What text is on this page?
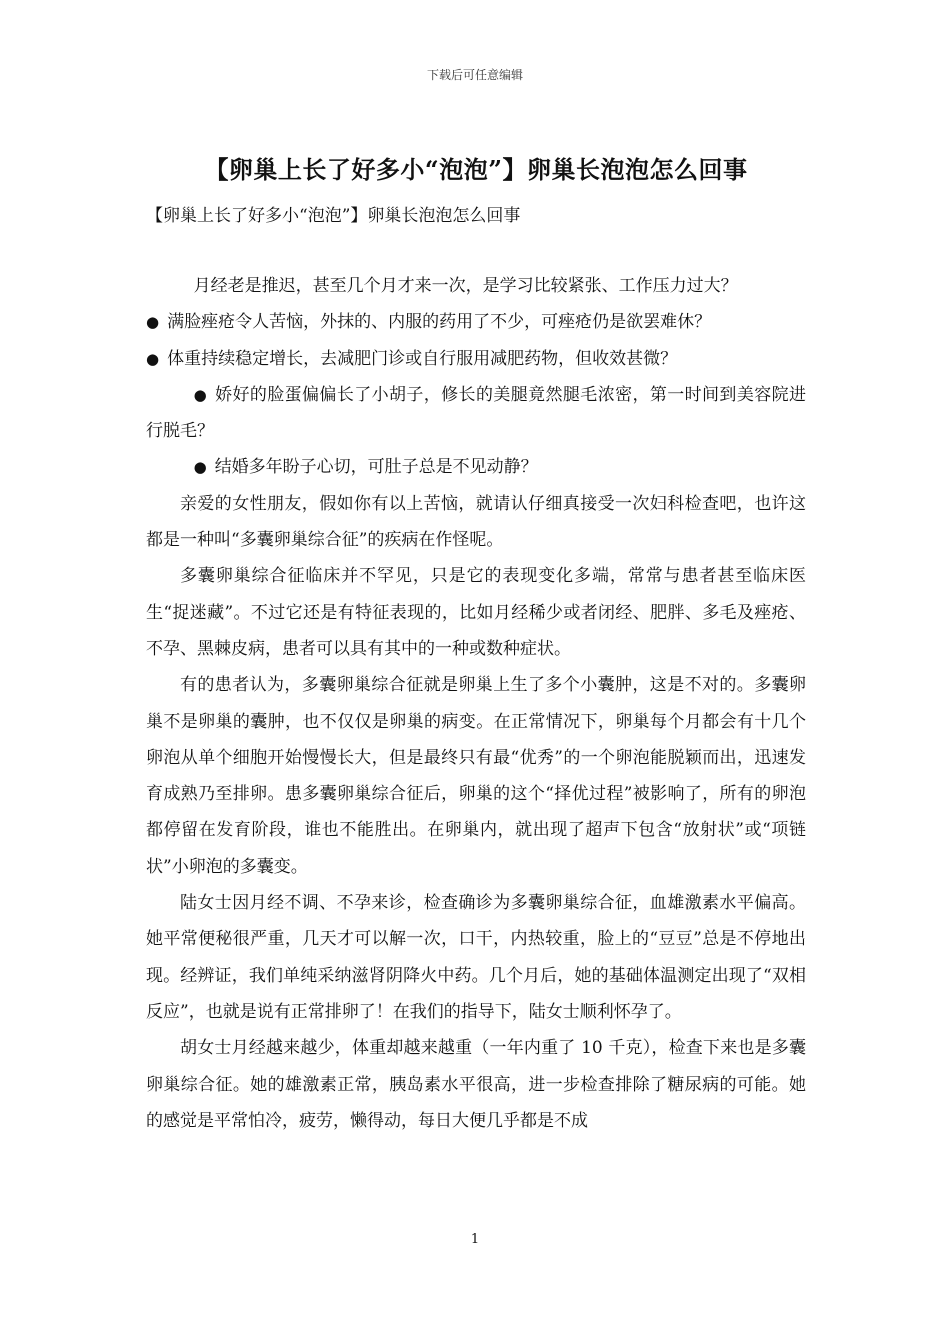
下载后可任意编辑
【卵巢上长了好多小“泡泡”】卵巢长泡泡怎么回事
【卵巢上长了好多小“泡泡”】卵巢长泡泡怎么回事

月经老是推迟，甚至几个月才来一次，是学习比较紧张、工作压力过大？

● 满脸痤疮令人苦恼，外抹的、内服的药用了不少，可痤疮仍是欲罢难休？

● 体重持续稳定增长，去减肥门诊或自行服用减肥药物，但收效甚微？

● 娇好的脸蛋偏偏长了小胡子，修长的美腿竟然腿毛浓密，第一时间到美容院进行脱毛？

● 结婚多年盼子心切，可肚子总是不见动静？

亲爱的女性朋友，假如你有以上苦恼，就请认仔细真接受一次妇科检查吧，也许这都是一种叫“多囊卵巢综合征”的疾病在作怪呢。

多囊卵巢综合征临床并不罕见，只是它的表现变化多端，常常与患者甚至临床医生“捉迷藏”。不过它还是有特征表现的，比如月经稀少或者闭经、肥胖、多毛及痤疮、不孕、黑棘皮病，患者可以具有其中的一种或数种症状。

有的患者认为，多囊卵巢综合征就是卵巢上生了多个小囊肿，这是不对的。多囊卵巢不是卵巢的囊肿，也不仅仅是卵巢的病变。在正常情况下，卵巢每个月都会有十几个卵泡从单个细胞开始慢慢长大，但是最终只有最“优秀”的一个卵泡能脱颖而出，迅速发育成熟乃至排卵。患多囊卵巢综合征后，卵巢的这个“择优过程”被影响了，所有的卵泡都停留在发育阶段，谁也不能胜出。在卵巢内，就出现了超声下包含“放射状”或“项链状”小卵泡的多囊变。

陆女士因月经不调、不孕来诊，检查确诊为多囊卵巢综合征，血雄激素水平偏高。她平常便秘很严重，几天才可以解一次，口干，内热较重，脸上的“豆豆”总是不停地出现。经辨证，我们单纯采纳滋肾阴降火中药。几个月后，她的基础体温测定出现了“双相反应”，也就是说有正常排卵了！在我们的指导下，陆女士顺利怀孕了。

胡女士月经越来越少，体重却越来越重（一年内重了 10 千克），检查下来也是多囊卵巢综合征。她的雄激素正常，胰岛素水平很高，进一步检查排除了糖尿病的可能。她的感觉是平常怕冷，疲劳，懒得动，每日大便几乎都是不成

1
